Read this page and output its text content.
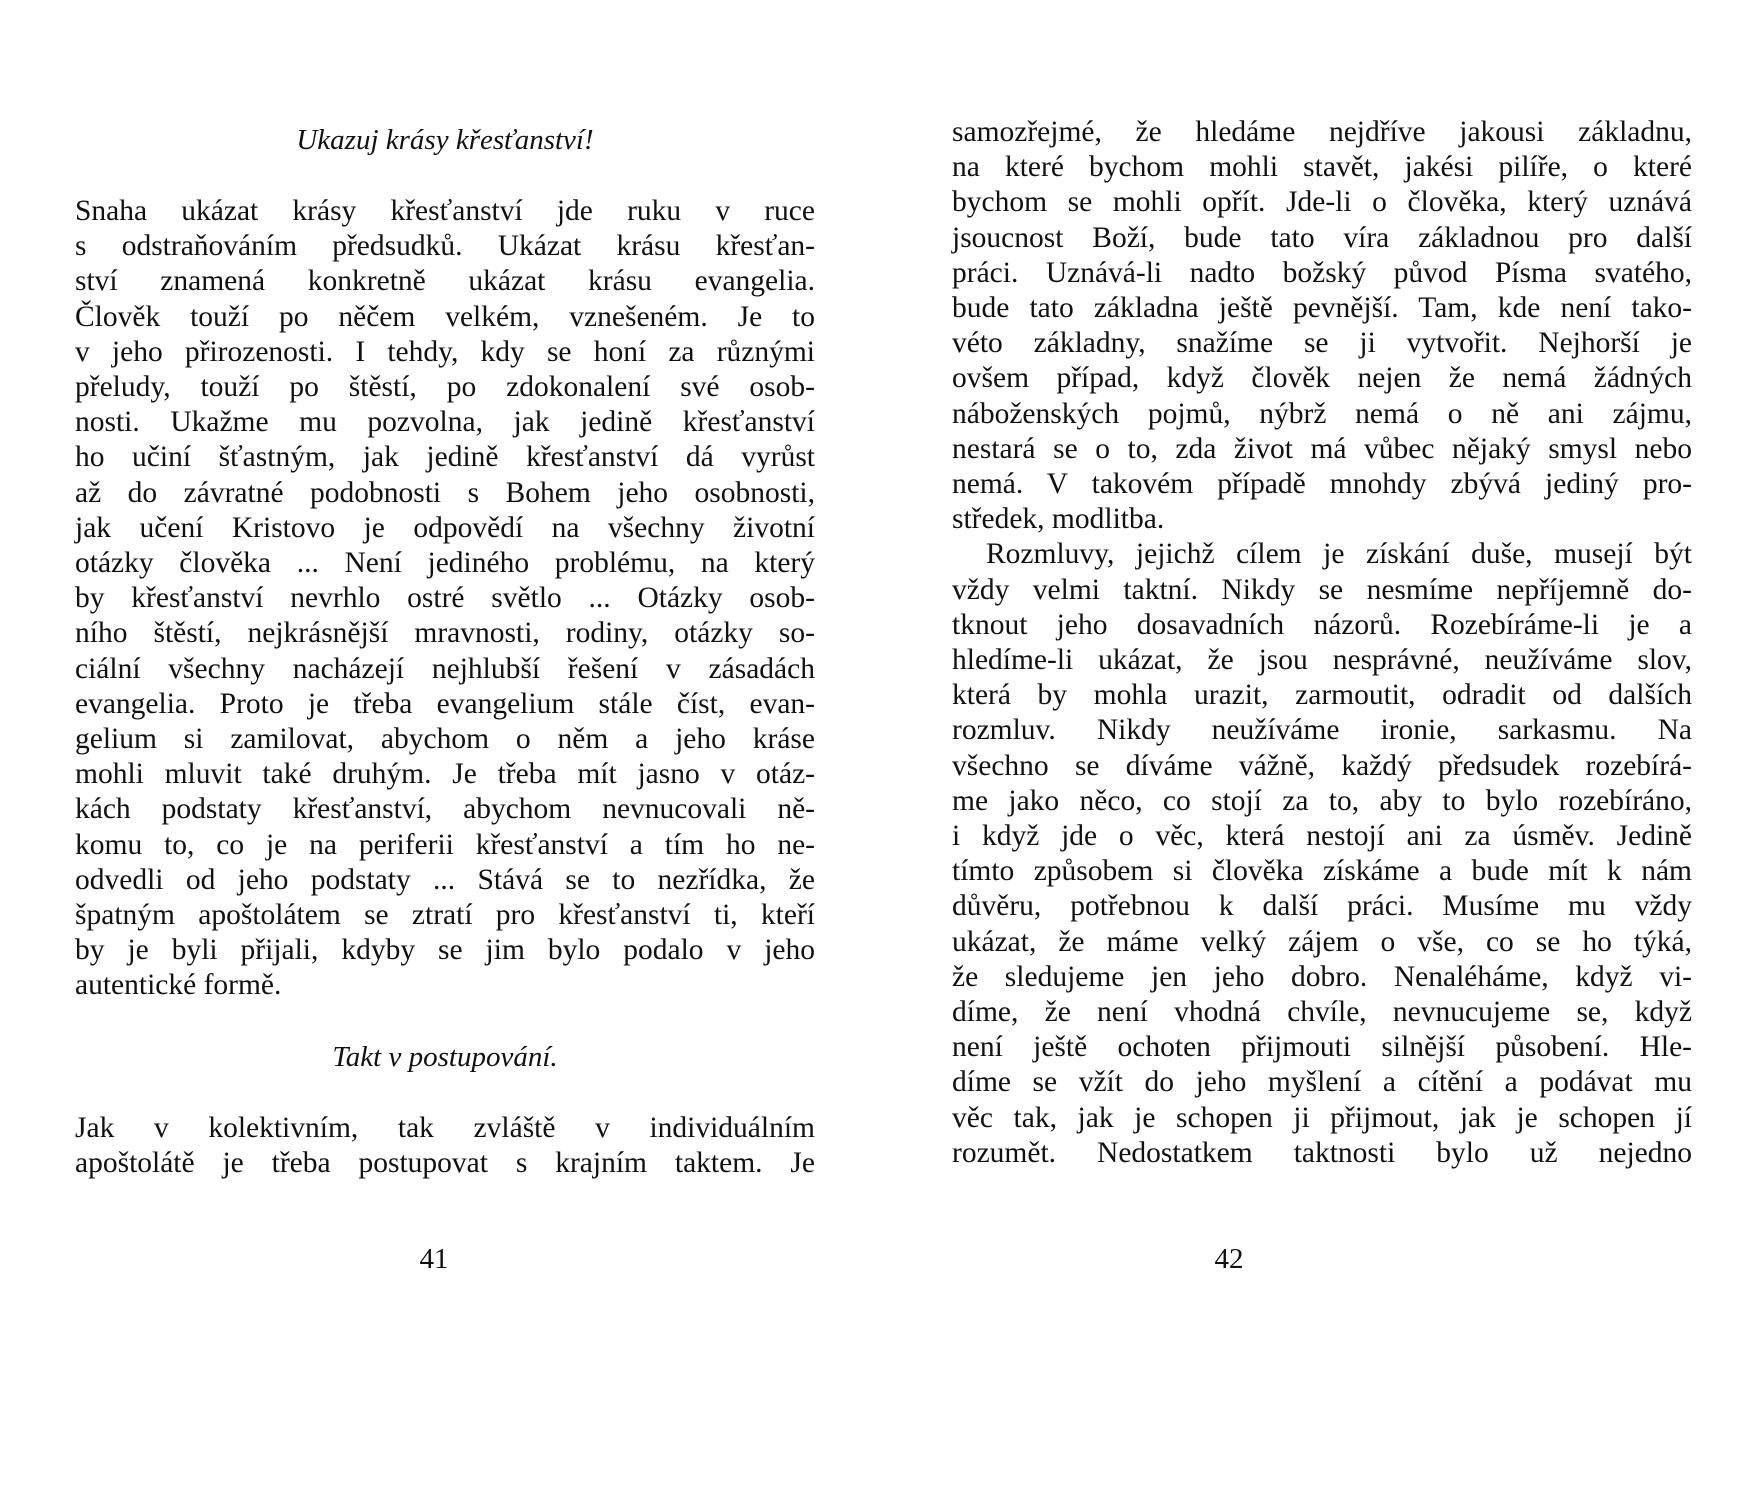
Ukazuj krásy křesťanství!

Snaha ukázat krásy křesťanství jde ruku v ruce
s odstraňováním předsudků. Ukázat krásu křesťan-
ství znamená konkretně ukázat krásu evangelia.
Člověk touží po něčem velkém, vznešeném. Je to
v jeho přirozenosti. I tehdy, kdy se honí za různými
přeludy, touží po štěstí, po zdokonalení své osob-
nosti. Ukažme mu pozvolna, jak jedině křesťanství
ho učiní šťastným, jak jedině křesťanství dá vyrůst
až do závratné podobnosti s Bohem jeho osobnosti,
jak učení Kristovo je odpovědí na všechny životní
otázky člověka ... Není jediného problému, na který
by křesťanství nevrhlo ostré světlo ... Otázky osob-
ního štěstí, nejkrásnější mravnosti, rodiny, otázky so-
ciální všechny nacházejí nejhlubší řešení v zásadách
evangelia. Proto je třeba evangelium stále číst, evan-
gelium si zamilovat, abychom o něm a jeho kráse
mohli mluvit také druhým. Je třeba mít jasno v otáz-
kách podstaty křesťanství, abychom nevnucovali ně-
komu to, co je na periferii křesťanství a tím ho ne-
odvedli od jeho podstaty ... Stává se to nezřídka, že
špatným apoštolátem se ztratí pro křesťanství ti, kteří
by je byli přijali, kdyby se jim bylo podalo v jeho
autentické formě.

Takt v postupování.

Jak v kolektivním, tak zvláště v individuálním
apoštolátě je třeba postupovat s krajním taktem. Je
41
samozřejmé, že hledáme nejdříve jakousi základnu,
na které bychom mohli stavět, jakési pilíře, o které
bychom se mohli opřít. Jde-li o člověka, který uznává
jsoucnost Boží, bude tato víra základnou pro další
práci. Uznává-li nadto božský původ Písma svatého,
bude tato základna ještě pevnější. Tam, kde není tako-
véto základny, snažíme se ji vytvořit. Nejhorší je
ovšem případ, když člověk nejen že nemá žádných
náboženských pojmů, nýbrž nemá o ně ani zájmu,
nestará se o to, zda život má vůbec nějaký smysl nebo
nemá. V takovém případě mnohdy zbývá jediný pro-
středek, modlitba.
Rozmluvy, jejichž cílem je získání duše, musejí být
vždy velmi taktní. Nikdy se nesmíme nepříjemně do-
tknout jeho dosavadních názorů. Rozebíráme-li je a
hledíme-li ukázat, že jsou nesprávné, neužíváme slov,
která by mohla urazit, zarmoutit, odradit od dalších
rozmluv. Nikdy neužíváme ironie, sarkasmu. Na
všechno se díváme vážně, každý předsudek rozebírá-
me jako něco, co stojí za to, aby to bylo rozebíráno,
i když jde o věc, která nestojí ani za úsměv. Jedině
tímto způsobem si člověka získáme a bude mít k nám
důvěru, potřebnou k další práci. Musíme mu vždy
ukázat, že máme velký zájem o vše, co se ho týká,
že sledujeme jen jeho dobro. Nenaléháme, když vi-
díme, že není vhodná chvíle, nevnucujeme se, když
není ještě ochoten přijmouti silnější působení. Hle-
díme se vžít do jeho myšlení a cítění a podávat mu
věc tak, jak je schopen ji přijmout, jak je schopen jí
rozumět. Nedostatkem taktnosti bylo už nejedno
42
